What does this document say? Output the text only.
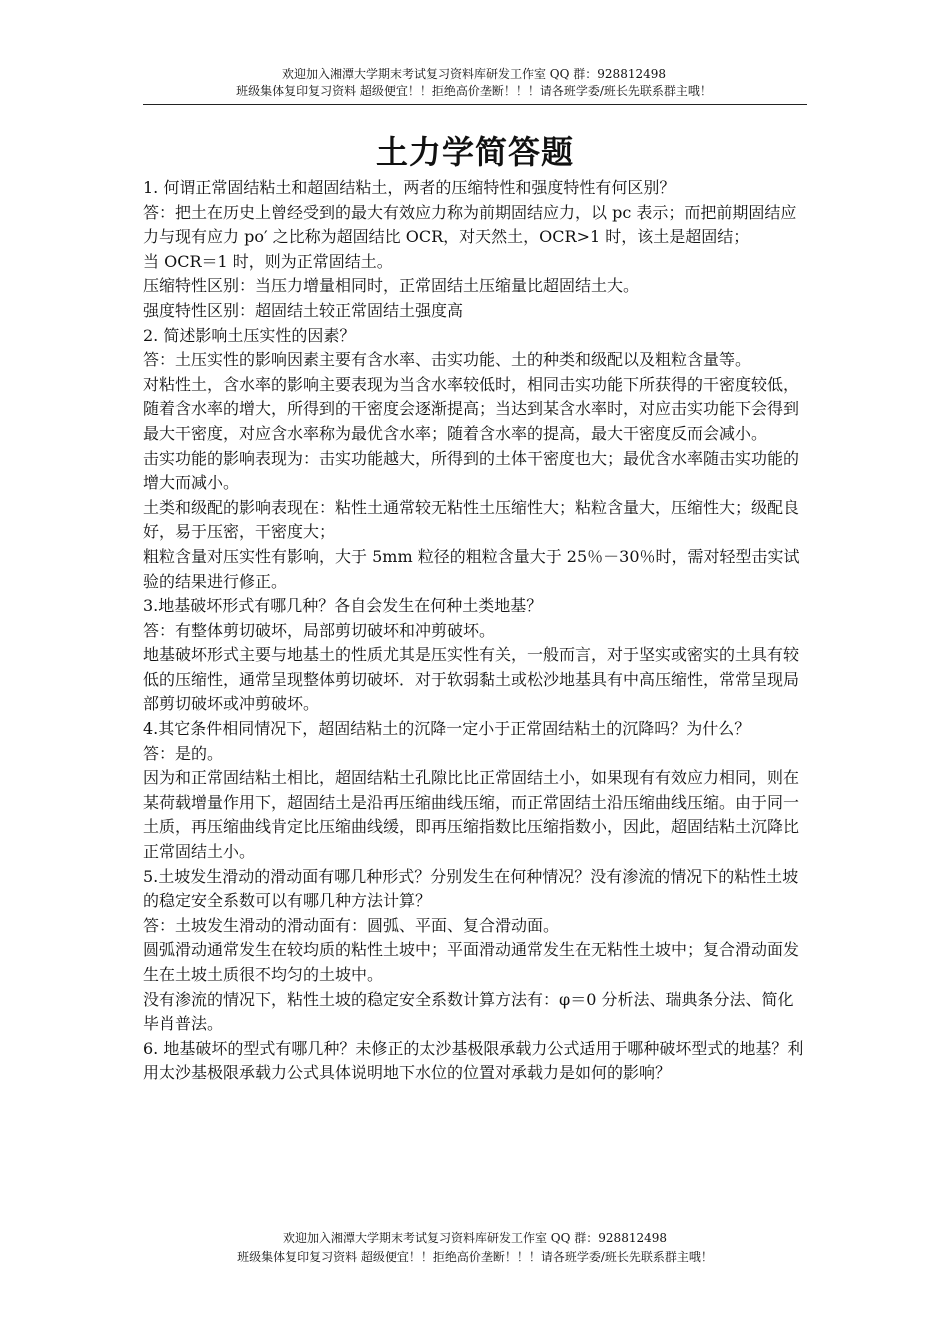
欢迎加入湘潭大学期末考试复习资料库研发工作室 QQ 群：928812498
班级集体复印复习资料 超级便宜！！拒绝高价垄断！！！请各班学委/班长先联系群主哦！
土力学简答题

1. 何谓正常固结粘土和超固结粘土，两者的压缩特性和强度特性有何区别？

答：把土在历史上曾经受到的最大有效应力称为前期固结应力，以 pc 表示；而把前期固结应力与现有应力 po′ 之比称为超固结比 OCR，对天然土，OCR>1 时，该土是超固结；

当 OCR＝1 时，则为正常固结土。

压缩特性区别：当压力增量相同时，正常固结土压缩量比超固结土大。

强度特性区别：超固结土较正常固结土强度高

2. 简述影响土压实性的因素？

答：土压实性的影响因素主要有含水率、击实功能、土的种类和级配以及粗粒含量等。

对粘性土，含水率的影响主要表现为当含水率较低时，相同击实功能下所获得的干密度较低，随着含水率的增大，所得到的干密度会逐渐提高；当达到某含水率时，对应击实功能下会得到最大干密度，对应含水率称为最优含水率；随着含水率的提高，最大干密度反而会减小。

击实功能的影响表现为：击实功能越大，所得到的土体干密度也大；最优含水率随击实功能的增大而减小。

土类和级配的影响表现在：粘性土通常较无粘性土压缩性大；粘粒含量大，压缩性大；级配良好，易于压密，干密度大；

粗粒含量对压实性有影响，大于 5mm 粒径的粗粒含量大于 25％－30％时，需对轻型击实试验的结果进行修正。

3.地基破坏形式有哪几种？各自会发生在何种土类地基？

答：有整体剪切破坏，局部剪切破坏和冲剪破坏。

地基破坏形式主要与地基土的性质尤其是压实性有关，一般而言，对于坚实或密实的土具有较低的压缩性，通常呈现整体剪切破坏．对于软弱黏土或松沙地基具有中高压缩性，常常呈现局部剪切破坏或冲剪破坏。

4.其它条件相同情况下，超固结粘土的沉降一定小于正常固结粘土的沉降吗？为什么？

答：是的。

因为和正常固结粘土相比，超固结粘土孔隙比比正常固结土小，如果现有有效应力相同，则在某荷载增量作用下，超固结土是沿再压缩曲线压缩，而正常固结土沿压缩曲线压缩。由于同一土质，再压缩曲线肯定比压缩曲线缓，即再压缩指数比压缩指数小，因此，超固结粘土沉降比正常固结土小。

5.土坡发生滑动的滑动面有哪几种形式？分别发生在何种情况？没有渗流的情况下的粘性土坡的稳定安全系数可以有哪几种方法计算？

答：土坡发生滑动的滑动面有：圆弧、平面、复合滑动面。

圆弧滑动通常发生在较均质的粘性土坡中；平面滑动通常发生在无粘性土坡中；复合滑动面发生在土坡土质很不均匀的土坡中。

没有渗流的情况下，粘性土坡的稳定安全系数计算方法有：φ＝0 分析法、瑞典条分法、简化毕肖普法。

6. 地基破坏的型式有哪几种？未修正的太沙基极限承载力公式适用于哪种破坏型式的地基？利用太沙基极限承载力公式具体说明地下水位的位置对承载力是如何的影响？

欢迎加入湘潭大学期末考试复习资料库研发工作室 QQ 群：928812498
班级集体复印复习资料 超级便宜！！拒绝高价垄断！！！请各班学委/班长先联系群主哦！
